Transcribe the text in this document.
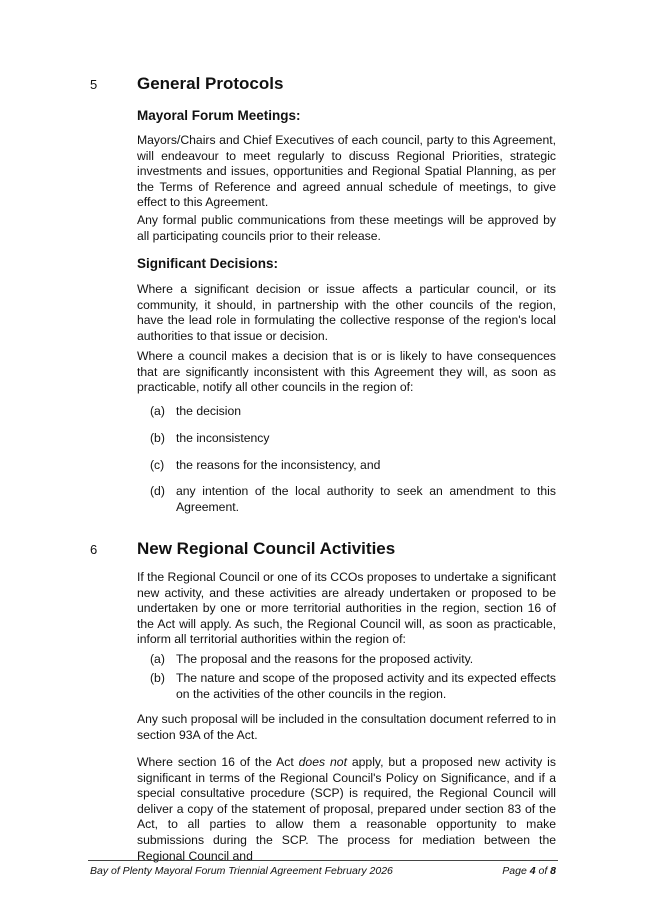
5 General Protocols
Mayoral Forum Meetings:
Mayors/Chairs and Chief Executives of each council, party to this Agreement, will endeavour to meet regularly to discuss Regional Priorities, strategic investments and issues, opportunities and Regional Spatial Planning, as per the Terms of Reference and agreed annual schedule of meetings, to give effect to this Agreement.
Any formal public communications from these meetings will be approved by all participating councils prior to their release.
Significant Decisions:
Where a significant decision or issue affects a particular council, or its community, it should, in partnership with the other councils of the region, have the lead role in formulating the collective response of the region's local authorities to that issue or decision.
Where a council makes a decision that is or is likely to have consequences that are significantly inconsistent with this Agreement they will, as soon as practicable, notify all other councils in the region of:
(a) the decision
(b) the inconsistency
(c) the reasons for the inconsistency, and
(d) any intention of the local authority to seek an amendment to this Agreement.
6 New Regional Council Activities
If the Regional Council or one of its CCOs proposes to undertake a significant new activity, and these activities are already undertaken or proposed to be undertaken by one or more territorial authorities in the region, section 16 of the Act will apply. As such, the Regional Council will, as soon as practicable, inform all territorial authorities within the region of:
(a) The proposal and the reasons for the proposed activity.
(b) The nature and scope of the proposed activity and its expected effects on the activities of the other councils in the region.
Any such proposal will be included in the consultation document referred to in section 93A of the Act.
Where section 16 of the Act does not apply, but a proposed new activity is significant in terms of the Regional Council's Policy on Significance, and if a special consultative procedure (SCP) is required, the Regional Council will deliver a copy of the statement of proposal, prepared under section 83 of the Act, to all parties to allow them a reasonable opportunity to make submissions during the SCP. The process for mediation between the Regional Council and
Bay of Plenty Mayoral Forum Triennial Agreement February 2026	Page 4 of 8
